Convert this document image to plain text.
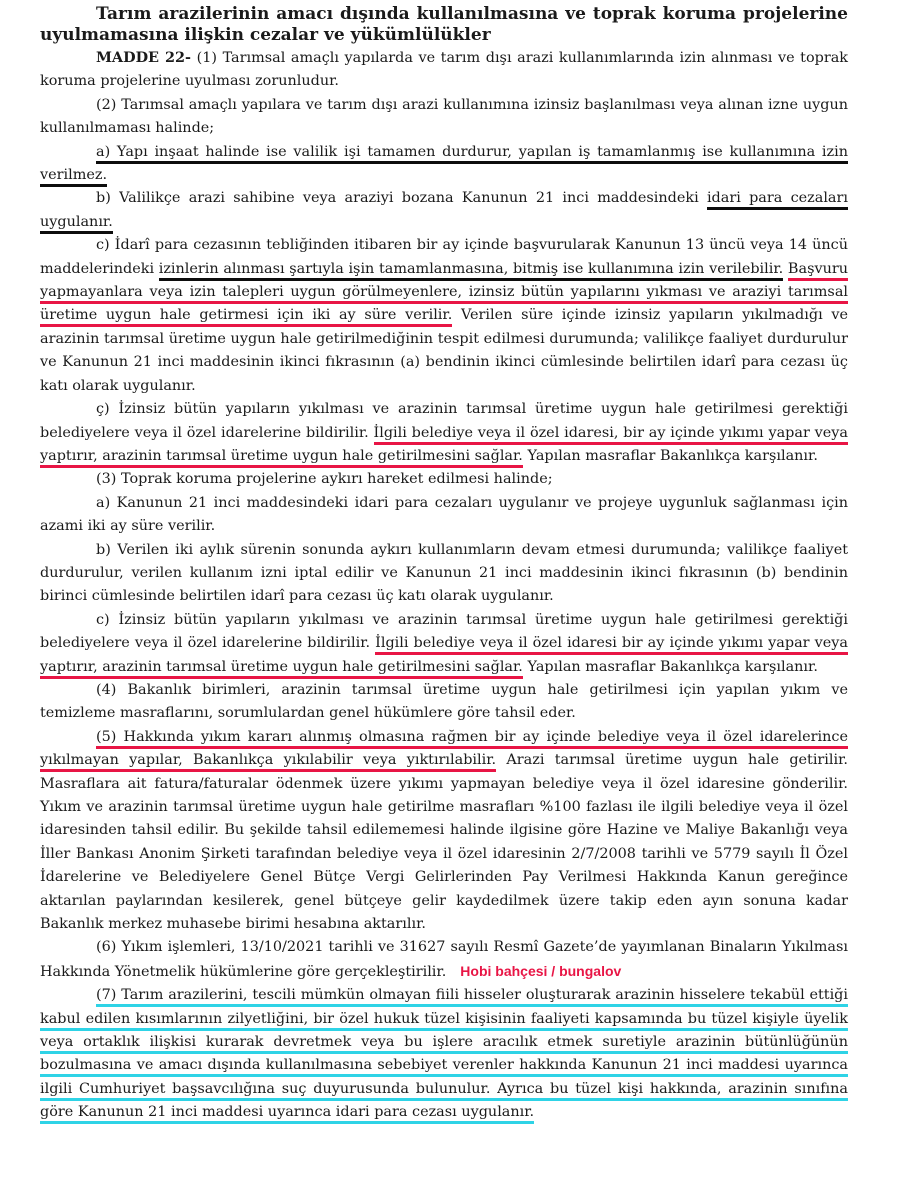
Tarım arazilerinin amacı dışında kullanılmasına ve toprak koruma projelerine uyulmamasına ilişkin cezalar ve yükümlülükler

MADDE 22- (1) Tarımsal amaçlı yapılarda ve tarım dışı arazi kullanımlarında izin alınması ve toprak koruma projelerine uyulması zorunludur.

(2) Tarımsal amaçlı yapılara ve tarım dışı arazi kullanımına izinsiz başlanılması veya alınan izne uygun kullanılmaması halinde;

a) Yapı inşaat halinde ise valilik işi tamamen durdurur, yapılan iş tamamlanmış ise kullanımına izin verilmez.

b) Valilikçe arazi sahibine veya araziyi bozana Kanunun 21 inci maddesindeki idari para cezaları uygulanır.

c) İdarî para cezasının tebliğinden itibaren bir ay içinde başvurularak Kanunun 13 üncü veya 14 üncü maddelerindeki izinlerin alınması şartıyla işin tamamlanmasına, bitmiş ise kullanımına izin verilebilir. Başvuru yapmayanlara veya izin talepleri uygun görülmeyenlere, izinsiz bütün yapılarını yıkması ve araziyi tarımsal üretime uygun hale getirmesi için iki ay süre verilir. Verilen süre içinde izinsiz yapıların yıkılmadığı ve arazinin tarımsal üretime uygun hale getirilmediğinin tespit edilmesi durumunda; valilikçe faaliyet durdurulur ve Kanunun 21 inci maddesinin ikinci fıkrasının (a) bendinin ikinci cümlesinde belirtilen idarî para cezası üç katı olarak uygulanır.

ç) İzinsiz bütün yapıların yıkılması ve arazinin tarımsal üretime uygun hale getirilmesi gerektiği belediyelere veya il özel idarelerine bildirilir. İlgili belediye veya il özel idaresi, bir ay içinde yıkımı yapar veya yaptırır, arazinin tarımsal üretime uygun hale getirilmesini sağlar. Yapılan masraflar Bakanlıkça karşılanır.

(3) Toprak koruma projelerine aykırı hareket edilmesi halinde;

a) Kanunun 21 inci maddesindeki idari para cezaları uygulanır ve projeye uygunluk sağlanması için azami iki ay süre verilir.

b) Verilen iki aylık sürenin sonunda aykırı kullanımların devam etmesi durumunda; valilikçe faaliyet durdurulur, verilen kullanım izni iptal edilir ve Kanunun 21 inci maddesinin ikinci fıkrasının (b) bendinin birinci cümlesinde belirtilen idarî para cezası üç katı olarak uygulanır.

c) İzinsiz bütün yapıların yıkılması ve arazinin tarımsal üretime uygun hale getirilmesi gerektiği belediyelere veya il özel idarelerine bildirilir. İlgili belediye veya il özel idaresi bir ay içinde yıkımı yapar veya yaptırır, arazinin tarımsal üretime uygun hale getirilmesini sağlar. Yapılan masraflar Bakanlıkça karşılanır.

(4) Bakanlık birimleri, arazinin tarımsal üretime uygun hale getirilmesi için yapılan yıkım ve temizleme masraflarını, sorumlulardan genel hükümlere göre tahsil eder.

(5) Hakkında yıkım kararı alınmış olmasına rağmen bir ay içinde belediye veya il özel idarelerince yıkılmayan yapılar, Bakanlıkça yıkılabilir veya yıktırılabilir. Arazi tarımsal üretime uygun hale getirilir. Masraflara ait fatura/faturalar ödenmek üzere yıkımı yapmayan belediye veya il özel idaresine gönderilir. Yıkım ve arazinin tarımsal üretime uygun hale getirilme masrafları %100 fazlası ile ilgili belediye veya il özel idaresinden tahsil edilir. Bu şekilde tahsil edilememesi halinde ilgisine göre Hazine ve Maliye Bakanlığı veya İller Bankası Anonim Şirketi tarafından belediye veya il özel idaresinin 2/7/2008 tarihli ve 5779 sayılı İl Özel İdarelerine ve Belediyelere Genel Bütçe Vergi Gelirlerinden Pay Verilmesi Hakkında Kanun gereğince aktarılan paylarından kesilerek, genel bütçeye gelir kaydedilmek üzere takip eden ayın sonuna kadar Bakanlık merkez muhasebe birimi hesabına aktarılır.

(6) Yıkım işlemleri, 13/10/2021 tarihli ve 31627 sayılı Resmî Gazete’de yayımlanan Binaların Yıkılması Hakkında Yönetmelik hükümlerine göre gerçekleştirilir. Hobi bahçesi / bungalov

(7) Tarım arazilerini, tescili mümkün olmayan fiili hisseler oluşturarak arazinin hisselere tekabül ettiği kabul edilen kısımlarının zilyetliğini, bir özel hukuk tüzel kişisinin faaliyeti kapsamında bu tüzel kişiyle üyelik veya ortaklık ilişkisi kurarak devretmek veya bu işlere aracılık etmek suretiyle arazinin bütünlüğünün bozulmasına ve amacı dışında kullanılmasına sebebiyet verenler hakkında Kanunun 21 inci maddesi uyarınca ilgili Cumhuriyet başsavcılığına suç duyurusunda bulunulur. Ayrıca bu tüzel kişi hakkında, arazinin sınıfına göre Kanunun 21 inci maddesi uyarınca idari para cezası uygulanır.
